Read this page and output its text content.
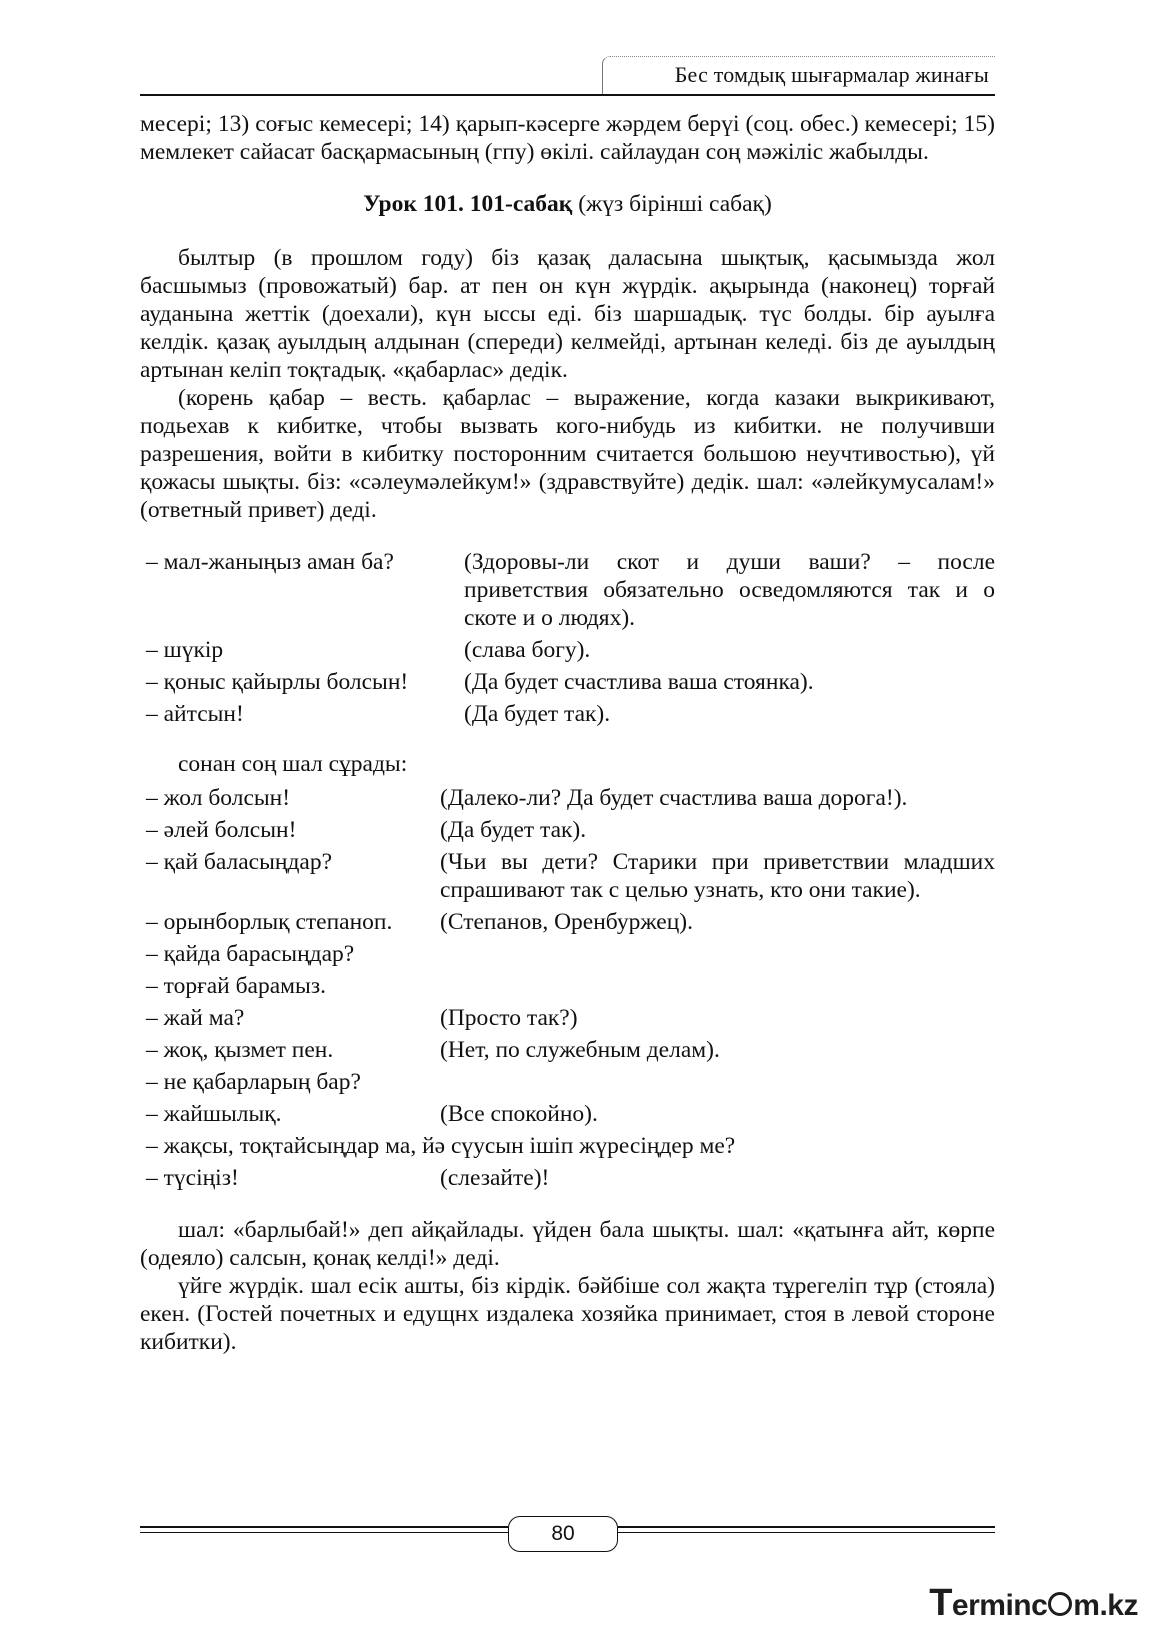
Бес томдық шығармалар жинағы

месері; 13) соғыс кемесері; 14) қарып-кәсерге жәрдем берүі (соц. обес.) кемесері; 15) мемлекет сайасат басқармасының (гпу) өкілі. сайлаудан соң мәжіліс жабылды.

Урок 101. 101-сабақ (жүз бірінші сабақ)

былтыр (в прошлом году) біз қазақ даласына шықтық, қасымызда жол басшымыз (провожатый) бар. ат пен он күн жүрдік. ақырында (наконец) торғай ауданына жеттік (доехали), күн ыссы еді. біз шаршадық. түс болды. бір ауылға келдік. қазақ ауылдың алдынан (спереди) келмейді, артынан келеді. біз де ауылдың артынан келіп тоқтадық. «қабарлас» дедік.

(корень қабар – весть. қабарлас – выражение, когда казаки выкрикивают, подьехав к кибитке, чтобы вызвать кого-нибудь из кибитки. не получивши разрешения, войти в кибитку посторонним считается большою неучтивостью), үй қожасы шықты. біз: «сәлеумәлейкум!» (здравствуйте) дедік. шал: «әлейкумусалам!» (ответный привет) деді.

– мал-жаныңыз аман ба?	(Здоровы-ли скот и души ваши? – после приветствия обязательно осведомляются так и о скоте и о людях).
– шүкір	(слава богу).
– қоныс қайырлы болсын!	(Да будет счастлива ваша стоянка).
– айтсын!	(Да будет так).

сонан соң шал сұрады:

– жол болсын!	(Далеко-ли? Да будет счастлива ваша дорога!).
– әлей болсын!	(Да будет так).
– қай баласыңдар?	(Чьи вы дети? Старики при приветствии младших спрашивают так с целью узнать, кто они такие).
– орынборлық степаноп.	(Степанов, Оренбуржец).
– қайда барасыңдар?
– торғай барамыз.
– жай ма?	(Просто так?)
– жоқ, қызмет пен.	(Нет, по служебным делам).
– не қабарларың бар?
– жайшылық.	(Все спокойно).
– жақсы, тоқтайсыңдар ма, йә сүусын ішіп жүресіңдер ме?
– түсіңіз!	(слезайте)!

шал: «барлыбай!» деп айқайлады. үйден бала шықты. шал: «қатынға айт, көрпе (одеяло) салсын, қонақ келді!» деді.

үйге жүрдік. шал есік ашты, біз кірдік. бәйбіше сол жақта тұрегеліп тұр (стояла) екен. (Гостей почетных и едущнх издалека хозяйка принимает, стоя в левой стороне кибитки).

80
Terminc m.kz
